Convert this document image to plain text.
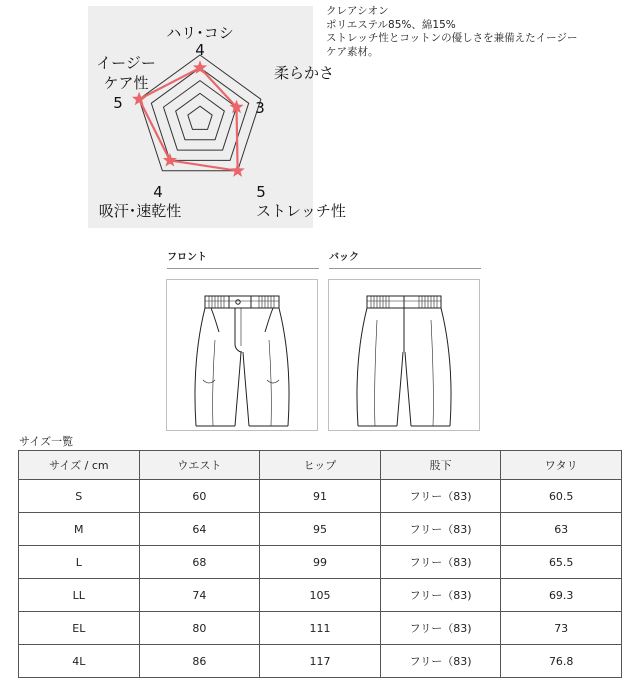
ハリ･コシ
4
柔らかさ
3
ストレッチ性
5
吸汗･速乾性
4
イージーケア性
5
クレアシオン
ポリエステル85%、綿15%
ストレッチ性とコットンの優しさを兼備えたイージー
ケア素材。
フロント	バック
サイズ一覧
サイズ / cm	ウエスト	ヒップ	股下	ワタリ
S	60	91	フリー（83)	60.5
M	64	95	フリー（83)	63
L	68	99	フリー（83)	65.5
LL	74	105	フリー（83)	69.3
EL	80	111	フリー（83)	73
4L	86	117	フリー（83)	76.8
